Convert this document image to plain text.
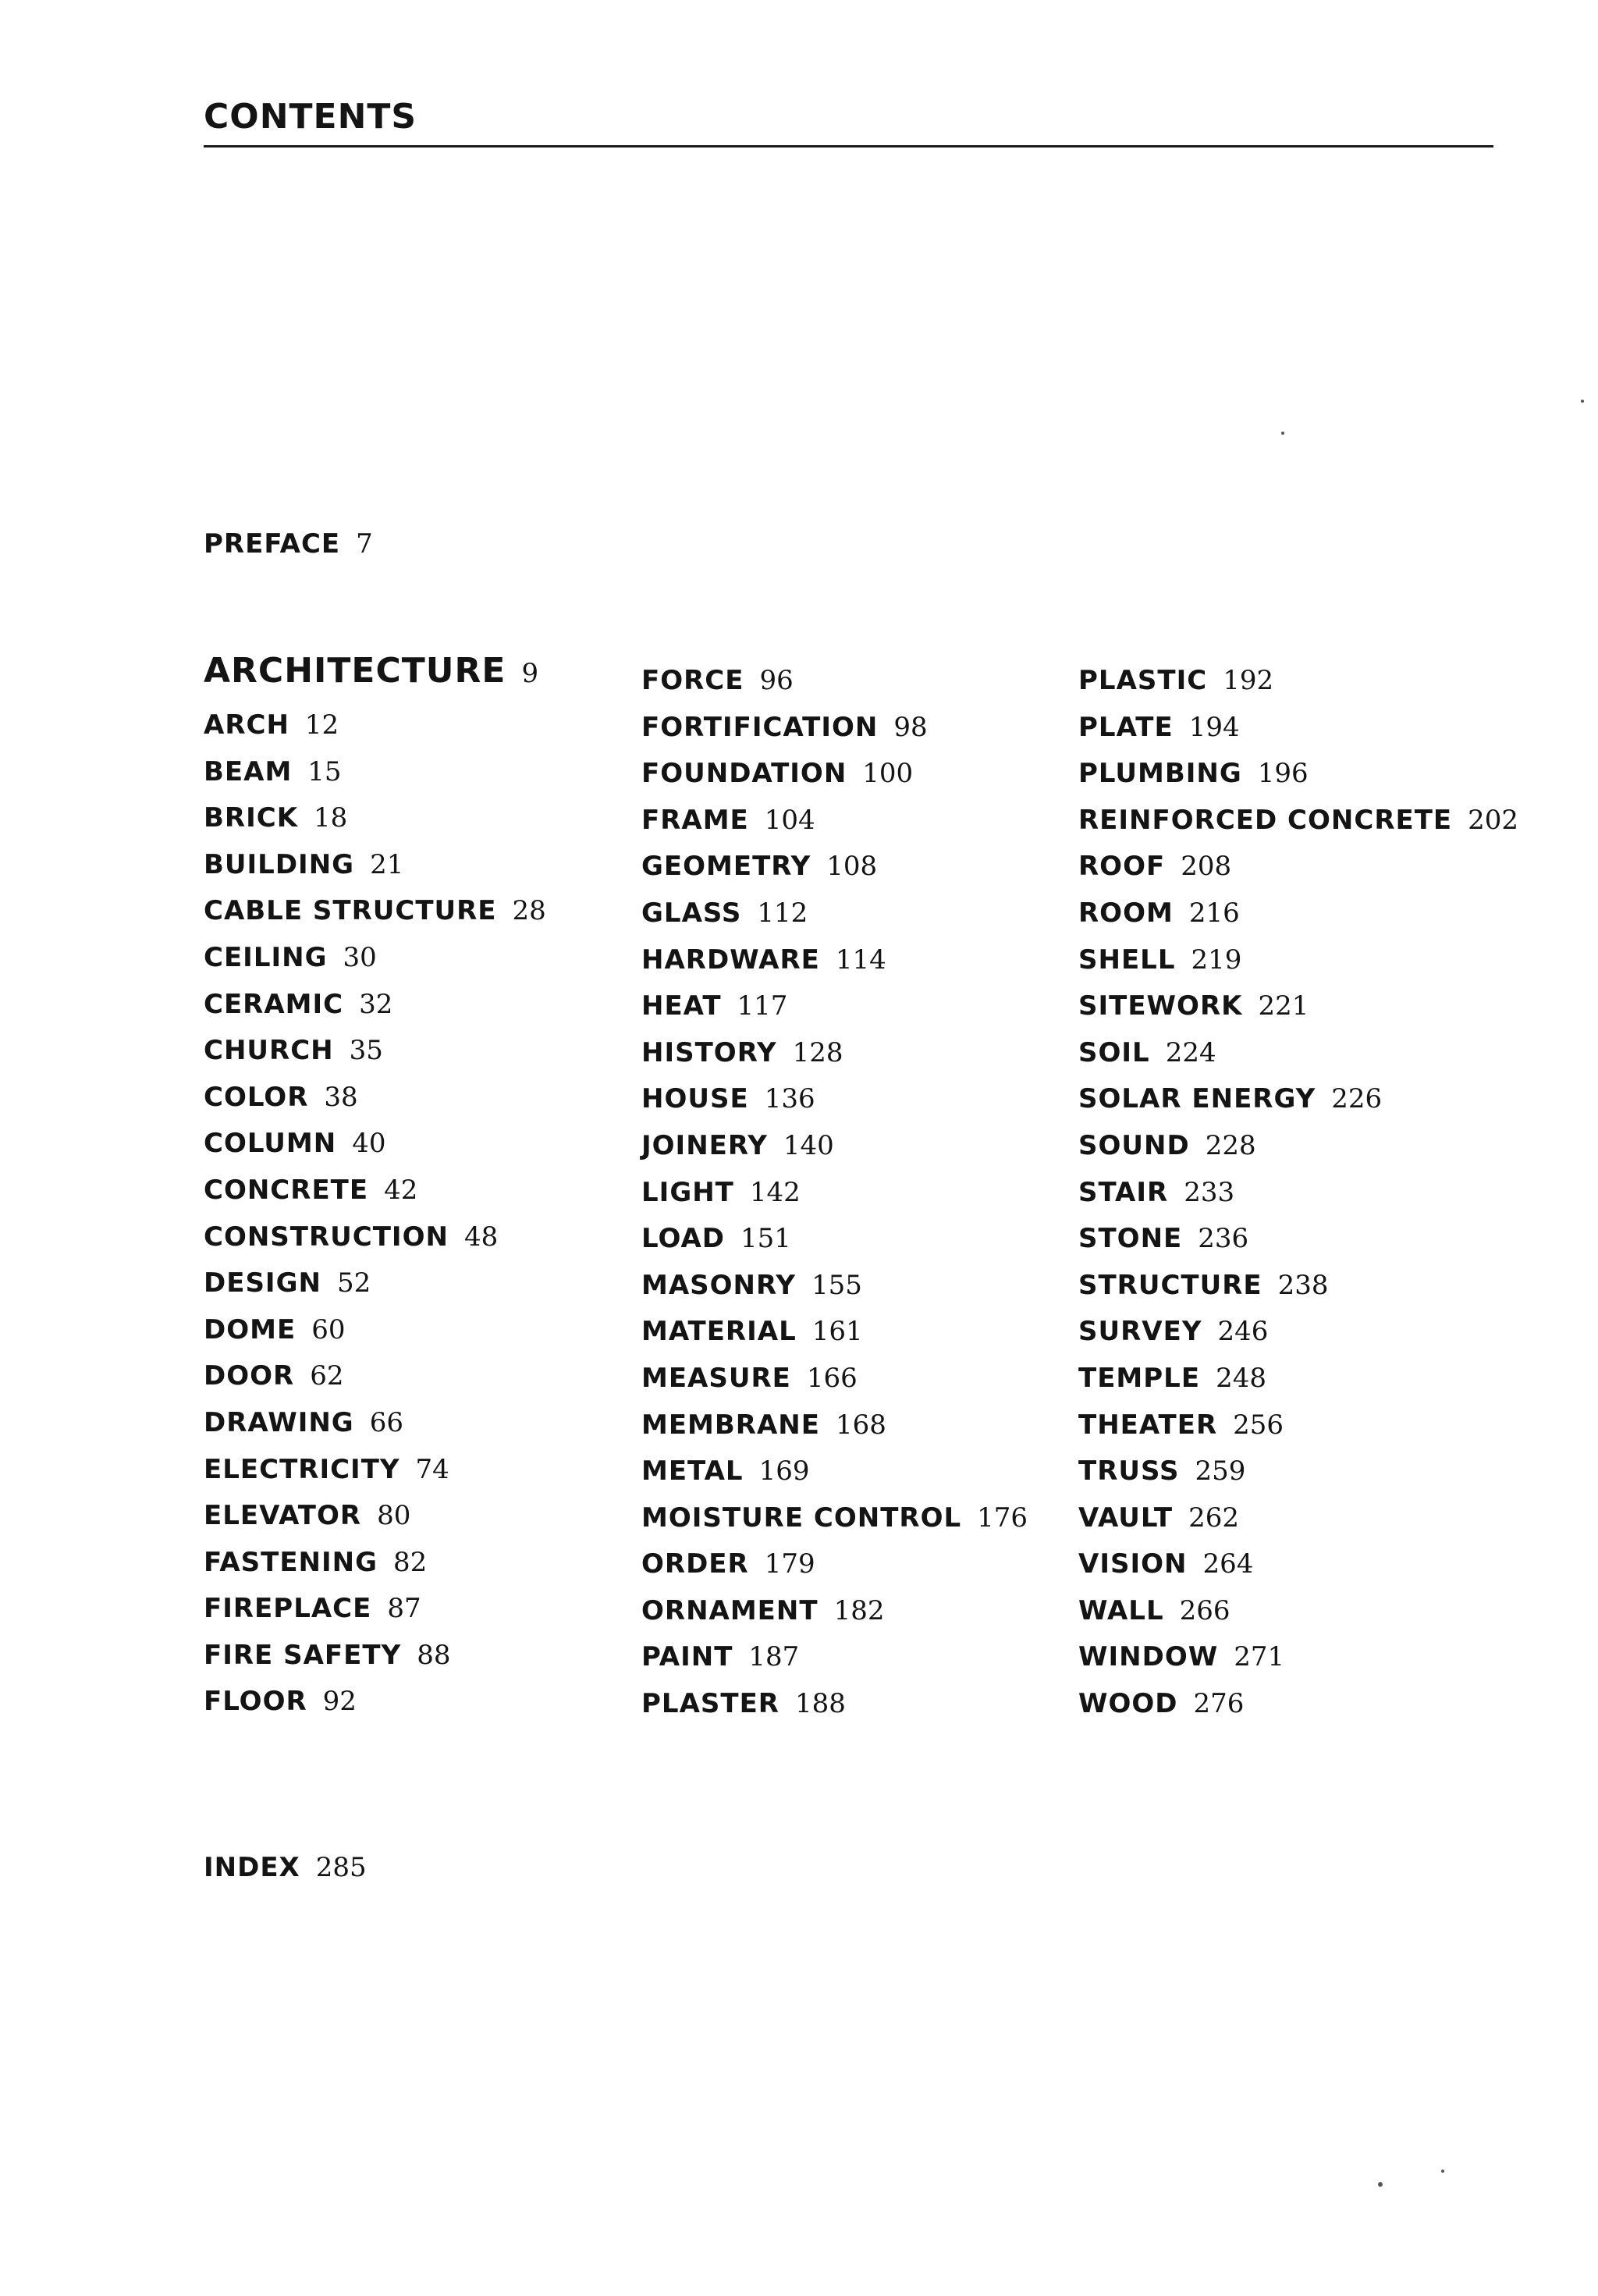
CONTENTS
PREFACE 7
ARCHITECTURE 9
ARCH 12
BEAM 15
BRICK 18
BUILDING 21
CABLE STRUCTURE 28
CEILING 30
CERAMIC 32
CHURCH 35
COLOR 38
COLUMN 40
CONCRETE 42
CONSTRUCTION 48
DESIGN 52
DOME 60
DOOR 62
DRAWING 66
ELECTRICITY 74
ELEVATOR 80
FASTENING 82
FIREPLACE 87
FIRE SAFETY 88
FLOOR 92
FORCE 96
FORTIFICATION 98
FOUNDATION 100
FRAME 104
GEOMETRY 108
GLASS 112
HARDWARE 114
HEAT 117
HISTORY 128
HOUSE 136
JOINERY 140
LIGHT 142
LOAD 151
MASONRY 155
MATERIAL 161
MEASURE 166
MEMBRANE 168
METAL 169
MOISTURE CONTROL 176
ORDER 179
ORNAMENT 182
PAINT 187
PLASTER 188
PLASTIC 192
PLATE 194
PLUMBING 196
REINFORCED CONCRETE 202
ROOF 208
ROOM 216
SHELL 219
SITEWORK 221
SOIL 224
SOLAR ENERGY 226
SOUND 228
STAIR 233
STONE 236
STRUCTURE 238
SURVEY 246
TEMPLE 248
THEATER 256
TRUSS 259
VAULT 262
VISION 264
WALL 266
WINDOW 271
WOOD 276
INDEX 285
